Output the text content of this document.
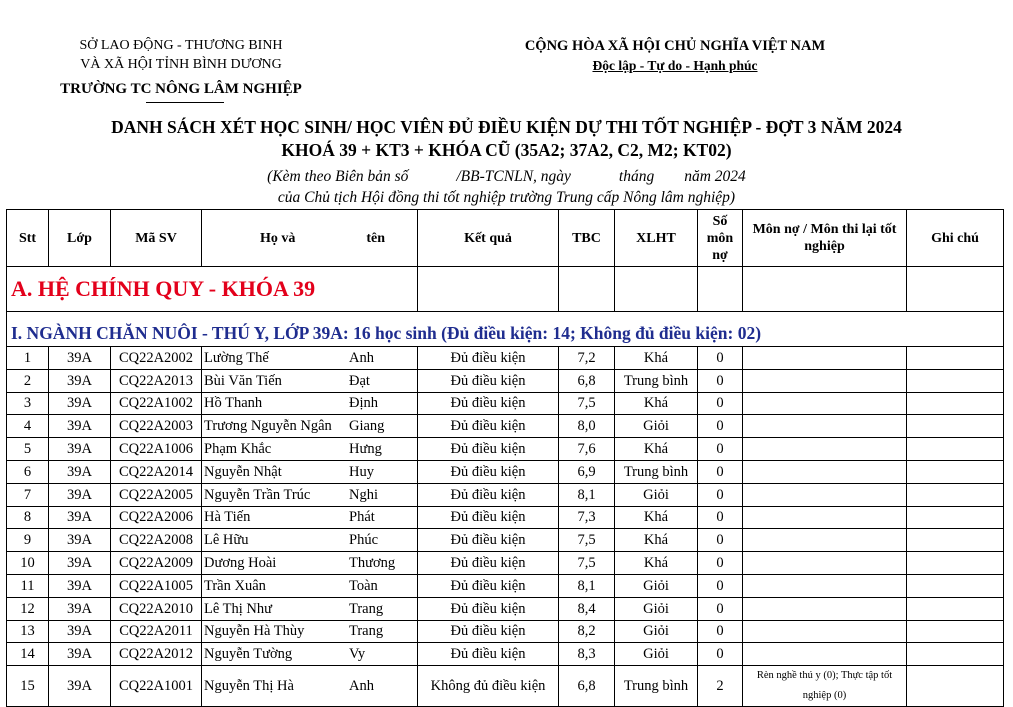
SỞ LAO ĐỘNG - THƯƠNG BINH
VÀ XÃ HỘI TỈNH BÌNH DƯƠNG
TRƯỜNG TC NÔNG LÂM NGHIỆP
CỘNG HÒA XÃ HỘI CHỦ NGHĨA VIỆT NAM
Độc lập - Tự do - Hạnh phúc
DANH SÁCH XÉT HỌC SINH/ HỌC VIÊN ĐỦ ĐIỀU KIỆN DỰ THI TỐT NGHIỆP - ĐỢT 3 NĂM 2024
KHOÁ 39 + KT3 + KHÓA CŨ (35A2; 37A2, C2, M2; KT02)
(Kèm theo Biên bản số	/BB-TCNLN, ngày	tháng năm 2024
của Chủ tịch Hội đồng thi tốt nghiệp trường Trung cấp Nông lâm nghiệp)
Stt	Lớp	Mã SV	Họ và tên	Kết quả	TBC	XLHT	Số môn nợ	Môn nợ / Môn thi lại tốt nghiệp	Ghi chú
A. HỆ CHÍNH QUY - KHÓA 39									
I. NGÀNH CHĂN NUÔI - THÚ Y, LỚP 39A: 16 học sinh (Đủ điều kiện: 14; Không đủ điều kiện: 02)									
1	39A	CQ22A2002	Lường Thế Anh	Đủ điều kiện	7,2	Khá	0		
2	39A	CQ22A2013	Bùi Văn Tiến Đạt	Đủ điều kiện	6,8	Trung bình	0		
3	39A	CQ22A1002	Hồ Thanh Định	Đủ điều kiện	7,5	Khá	0		
4	39A	CQ22A2003	Trương Nguyễn Ngân Giang	Đủ điều kiện	8,0	Giỏi	0		
5	39A	CQ22A1006	Phạm Khắc Hưng	Đủ điều kiện	7,6	Khá	0		
6	39A	CQ22A2014	Nguyễn Nhật Huy	Đủ điều kiện	6,9	Trung bình	0		
7	39A	CQ22A2005	Nguyễn Trần Trúc Nghi	Đủ điều kiện	8,1	Giỏi	0		
8	39A	CQ22A2006	Hà Tiến Phát	Đủ điều kiện	7,3	Khá	0		
9	39A	CQ22A2008	Lê Hữu Phúc	Đủ điều kiện	7,5	Khá	0		
10	39A	CQ22A2009	Dương Hoài Thương	Đủ điều kiện	7,5	Khá	0		
11	39A	CQ22A1005	Trần Xuân Toàn	Đủ điều kiện	8,1	Giỏi	0		
12	39A	CQ22A2010	Lê Thị Như Trang	Đủ điều kiện	8,4	Giỏi	0		
13	39A	CQ22A2011	Nguyễn Hà Thùy Trang	Đủ điều kiện	8,2	Giỏi	0		
14	39A	CQ22A2012	Nguyễn Tường Vy	Đủ điều kiện	8,3	Giỏi	0		
15	39A	CQ22A1001	Nguyễn Thị Hà Anh	Không đủ điều kiện	6,8	Trung bình	2	Rèn nghề thú y (0); Thực tập tốt nghiệp (0)	
